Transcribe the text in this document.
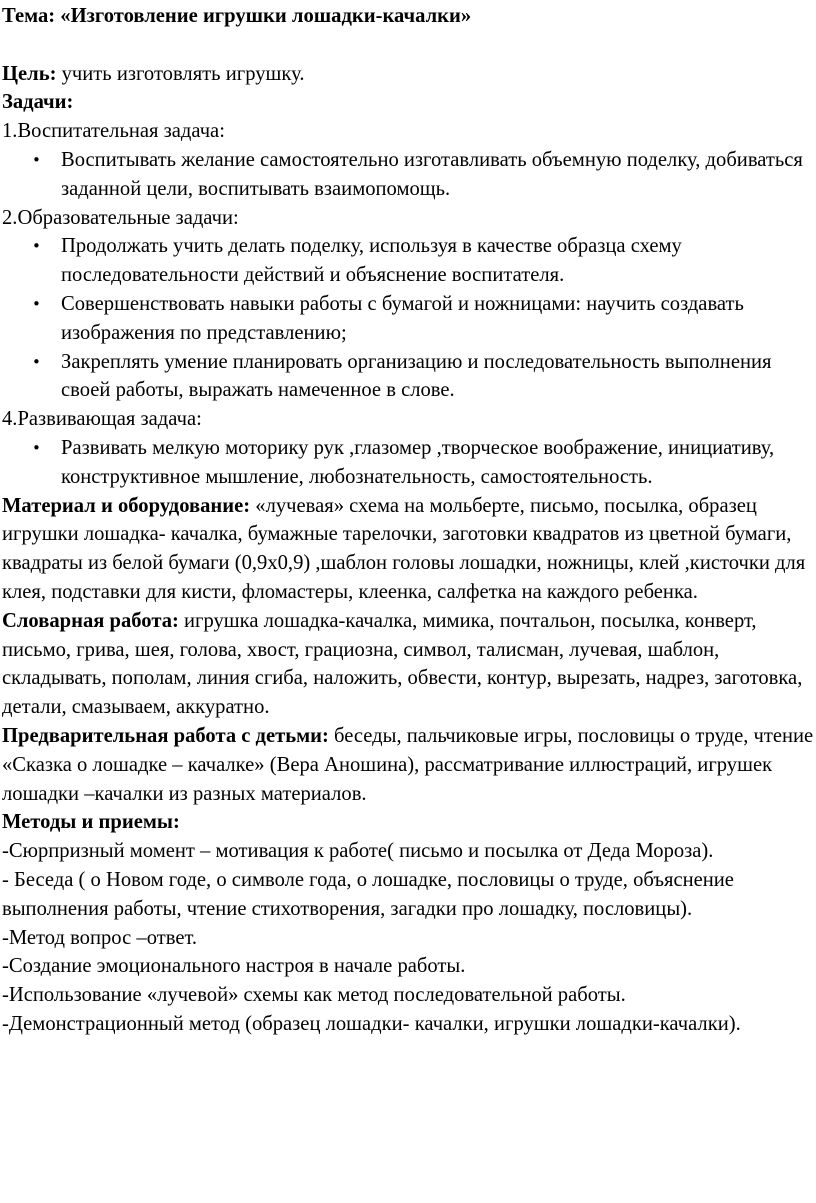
Тема: «Изготовление игрушки лошадки-качалки»

Цель: учить изготовлять игрушку.

Задачи:

1.Воспитательная задача:

• Воспитывать желание самостоятельно изготавливать объемную поделку, добиваться заданной цели, воспитывать взаимопомощь.

2.Образовательные задачи:

• Продолжать учить делать поделку, используя в качестве образца схему последовательности действий и объяснение воспитателя.
• Совершенствовать навыки работы с бумагой и ножницами: научить создавать изображения по представлению;
• Закреплять умение планировать организацию и последовательность выполнения своей работы, выражать намеченное в слове.

4.Развивающая задача:

• Развивать мелкую моторику рук ,глазомер ,творческое воображение, инициативу, конструктивное мышление, любознательность, самостоятельность.

Материал и оборудование: «лучевая» схема на мольберте, письмо, посылка, образец игрушки лошадка- качалка, бумажные тарелочки, заготовки квадратов из цветной бумаги, квадраты из белой бумаги (0,9х0,9) ,шаблон головы лошадки, ножницы, клей ,кисточки для клея, подставки для кисти, фломастеры, клеенка, салфетка на каждого ребенка.

Словарная работа: игрушка лошадка-качалка, мимика, почтальон, посылка, конверт, письмо, грива, шея, голова, хвост, грациозна, символ, талисман, лучевая, шаблон, складывать, пополам, линия сгиба, наложить, обвести, контур, вырезать, надрез, заготовка, детали, смазываем, аккуратно.

Предварительная работа с детьми: беседы, пальчиковые игры, пословицы о труде, чтение «Сказка о лошадке – качалке» (Вера Аношина), рассматривание иллюстраций, игрушек лошадки –качалки из разных материалов.

Методы и приемы:

-Сюрпризный момент – мотивация к работе( письмо и посылка от Деда Мороза).

- Беседа ( о Новом годе, о символе года, о лошадке, пословицы о труде, объяснение выполнения работы, чтение стихотворения, загадки про лошадку, пословицы).

-Метод вопрос –ответ.

-Создание эмоционального настроя в начале работы.

-Использование «лучевой» схемы как метод последовательной работы.

-Демонстрационный метод (образец лошадки- качалки, игрушки лошадки-качалки).
